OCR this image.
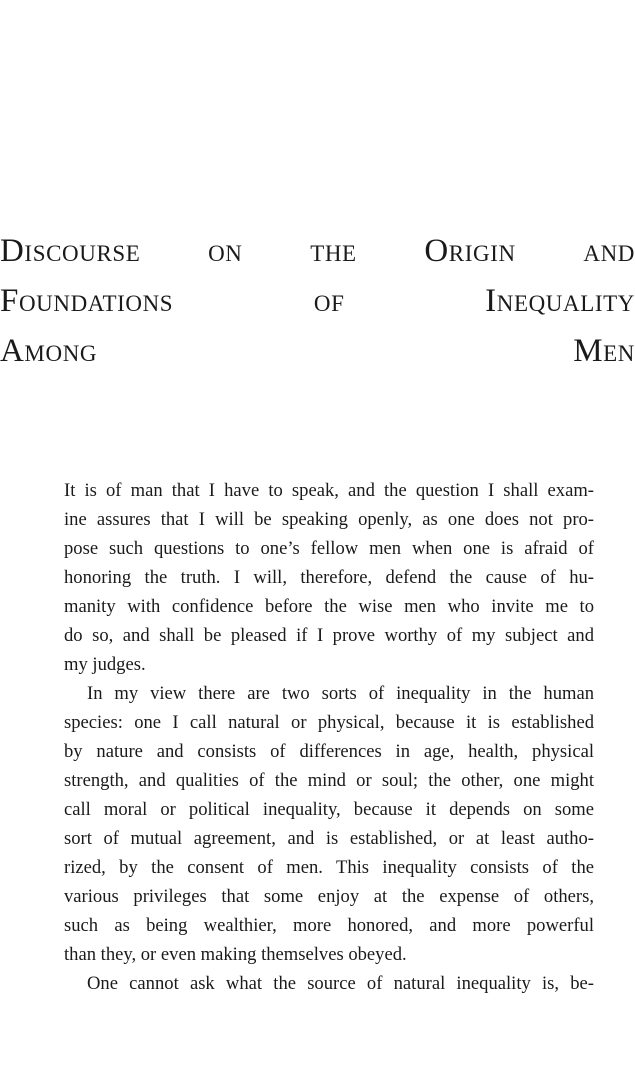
Discourse on the Origin and
Foundations of Inequality
Among Men

It is of man that I have to speak, and the question I shall exam-
ine assures that I will be speaking openly, as one does not pro-
pose such questions to one’s fellow men when one is afraid of
honoring the truth. I will, therefore, defend the cause of hu-
manity with confidence before the wise men who invite me to
do so, and shall be pleased if I prove worthy of my subject and
my judges.

In my view there are two sorts of inequality in the human
species: one I call natural or physical, because it is established
by nature and consists of differences in age, health, physical
strength, and qualities of the mind or soul; the other, one might
call moral or political inequality, because it depends on some
sort of mutual agreement, and is established, or at least autho-
rized, by the consent of men. This inequality consists of the
various privileges that some enjoy at the expense of others,
such as being wealthier, more honored, and more powerful
than they, or even making themselves obeyed.

One cannot ask what the source of natural inequality is, be-
